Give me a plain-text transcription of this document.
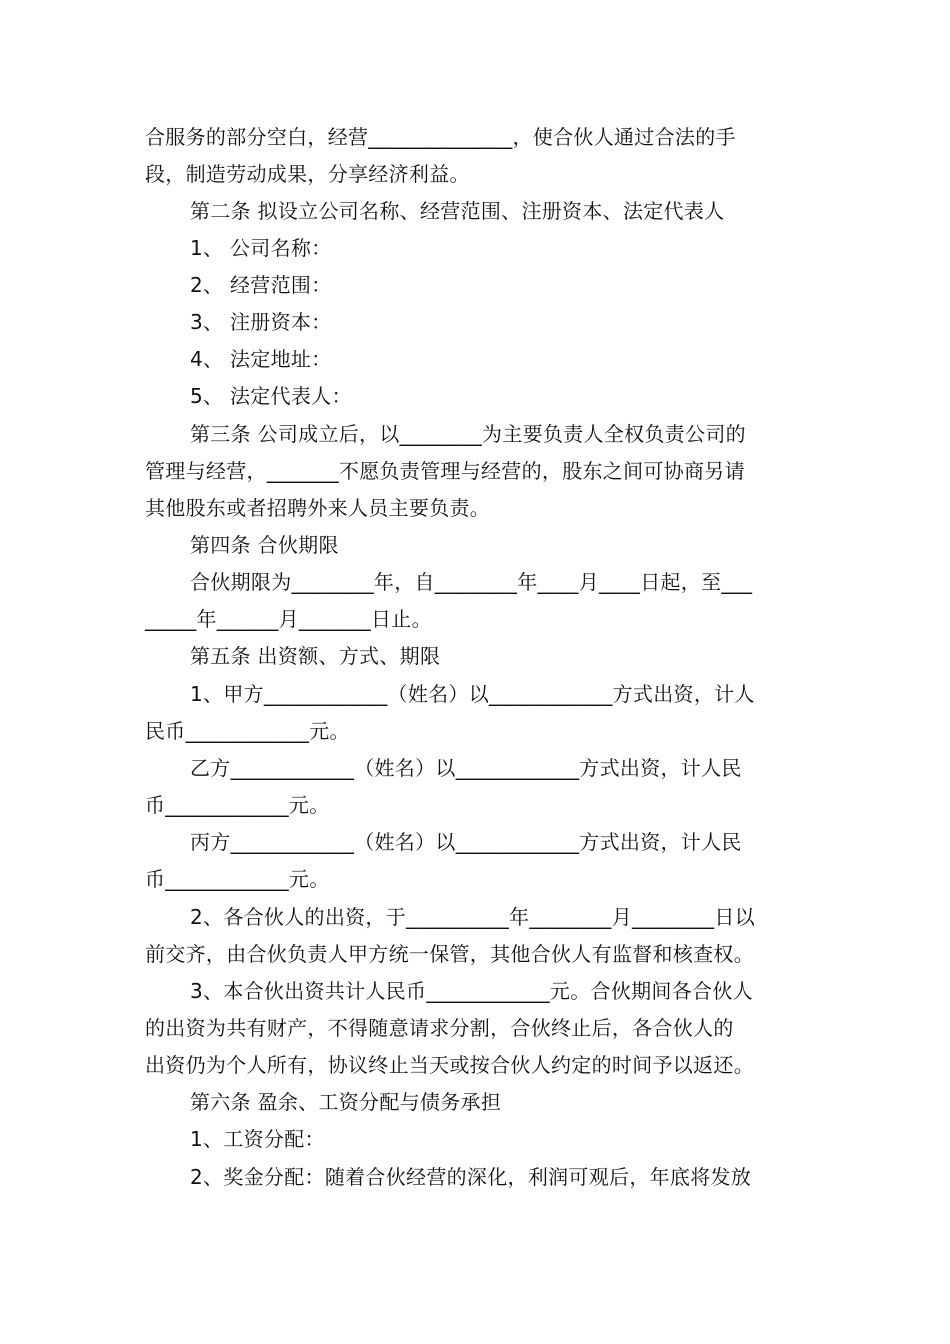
合服务的部分空白，经营______________，使合伙人通过合法的手
段，制造劳动成果，分享经济利益。
第二条 拟设立公司名称、经营范围、注册资本、法定代表人
1、 公司名称：
2、 经营范围：
3、 注册资本：
4、 法定地址：
5、 法定代表人：
第三条 公司成立后，以________为主要负责人全权负责公司的
管理与经营，_______不愿负责管理与经营的，股东之间可协商另请
其他股东或者招聘外来人员主要负责。
第四条 合伙期限
合伙期限为________年，自________年____月____日起，至___
_____年______月_______日止。
第五条 出资额、方式、期限
1、甲方____________（姓名）以____________方式出资，计人
民币____________元。
乙方____________（姓名）以____________方式出资，计人民
币____________元。
丙方____________（姓名）以____________方式出资，计人民
币____________元。
2、各合伙人的出资，于__________年________月________日以
前交齐，由合伙负责人甲方统一保管，其他合伙人有监督和核查权。
3、本合伙出资共计人民币____________元。合伙期间各合伙人
的出资为共有财产，不得随意请求分割，合伙终止后，各合伙人的
出资仍为个人所有，协议终止当天或按合伙人约定的时间予以返还。
第六条 盈余、工资分配与债务承担
1、工资分配：
2、奖金分配：随着合伙经营的深化，利润可观后，年底将发放
